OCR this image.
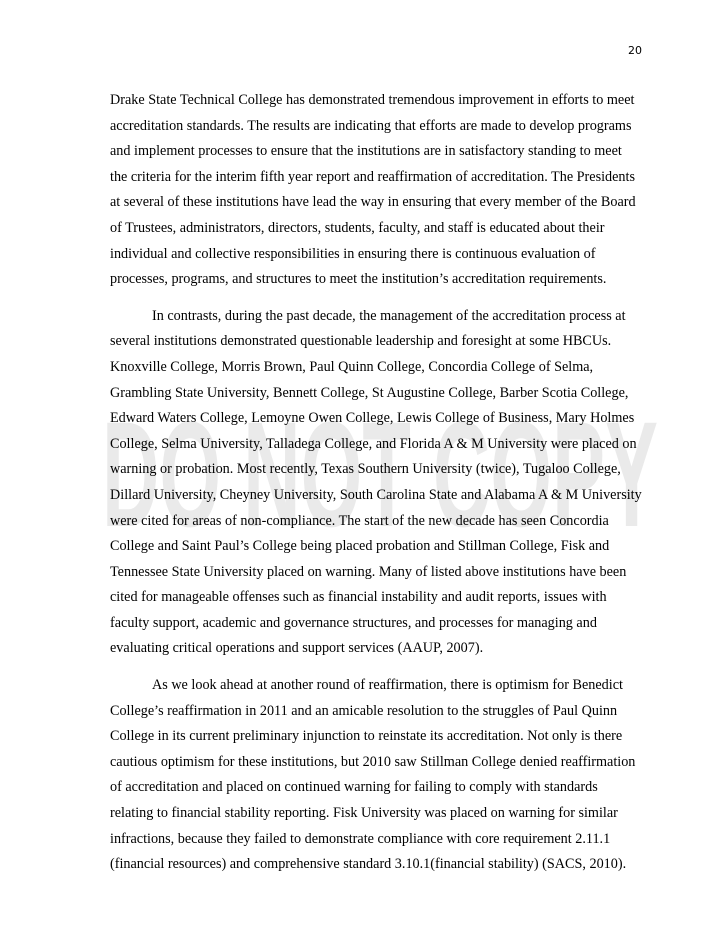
20
DO NOT COPY

Drake State Technical College has demonstrated tremendous improvement in efforts to meet accreditation standards. The results are indicating that efforts are made to develop programs and implement processes to ensure that the institutions are in satisfactory standing to meet the criteria for the interim fifth year report and reaffirmation of accreditation. The Presidents at several of these institutions have lead the way in ensuring that every member of the Board of Trustees, administrators, directors, students, faculty, and staff is educated about their individual and collective responsibilities in ensuring there is continuous evaluation of processes, programs, and structures to meet the institution’s accreditation requirements.

In contrasts, during the past decade, the management of the accreditation process at several institutions demonstrated questionable leadership and foresight at some HBCUs. Knoxville College, Morris Brown, Paul Quinn College, Concordia College of Selma, Grambling State University, Bennett College, St Augustine College, Barber Scotia College, Edward Waters College, Lemoyne Owen College, Lewis College of Business, Mary Holmes College, Selma University, Talladega College, and Florida A & M University were placed on warning or probation. Most recently, Texas Southern University (twice), Tugaloo College, Dillard University, Cheyney University, South Carolina State and Alabama A & M University were cited for areas of non-compliance. The start of the new decade has seen Concordia College and Saint Paul’s College being placed probation and Stillman College, Fisk and Tennessee State University placed on warning. Many of listed above institutions have been cited for manageable offenses such as financial instability and audit reports, issues with faculty support, academic and governance structures, and processes for managing and evaluating critical operations and support services (AAUP, 2007).

As we look ahead at another round of reaffirmation, there is optimism for Benedict College’s reaffirmation in 2011 and an amicable resolution to the struggles of Paul Quinn College in its current preliminary injunction to reinstate its accreditation. Not only is there cautious optimism for these institutions, but 2010 saw Stillman College denied reaffirmation of accreditation and placed on continued warning for failing to comply with standards relating to financial stability reporting. Fisk University was placed on warning for similar infractions, because they failed to demonstrate compliance with core requirement 2.11.1 (financial resources) and comprehensive standard 3.10.1(financial stability) (SACS, 2010).
